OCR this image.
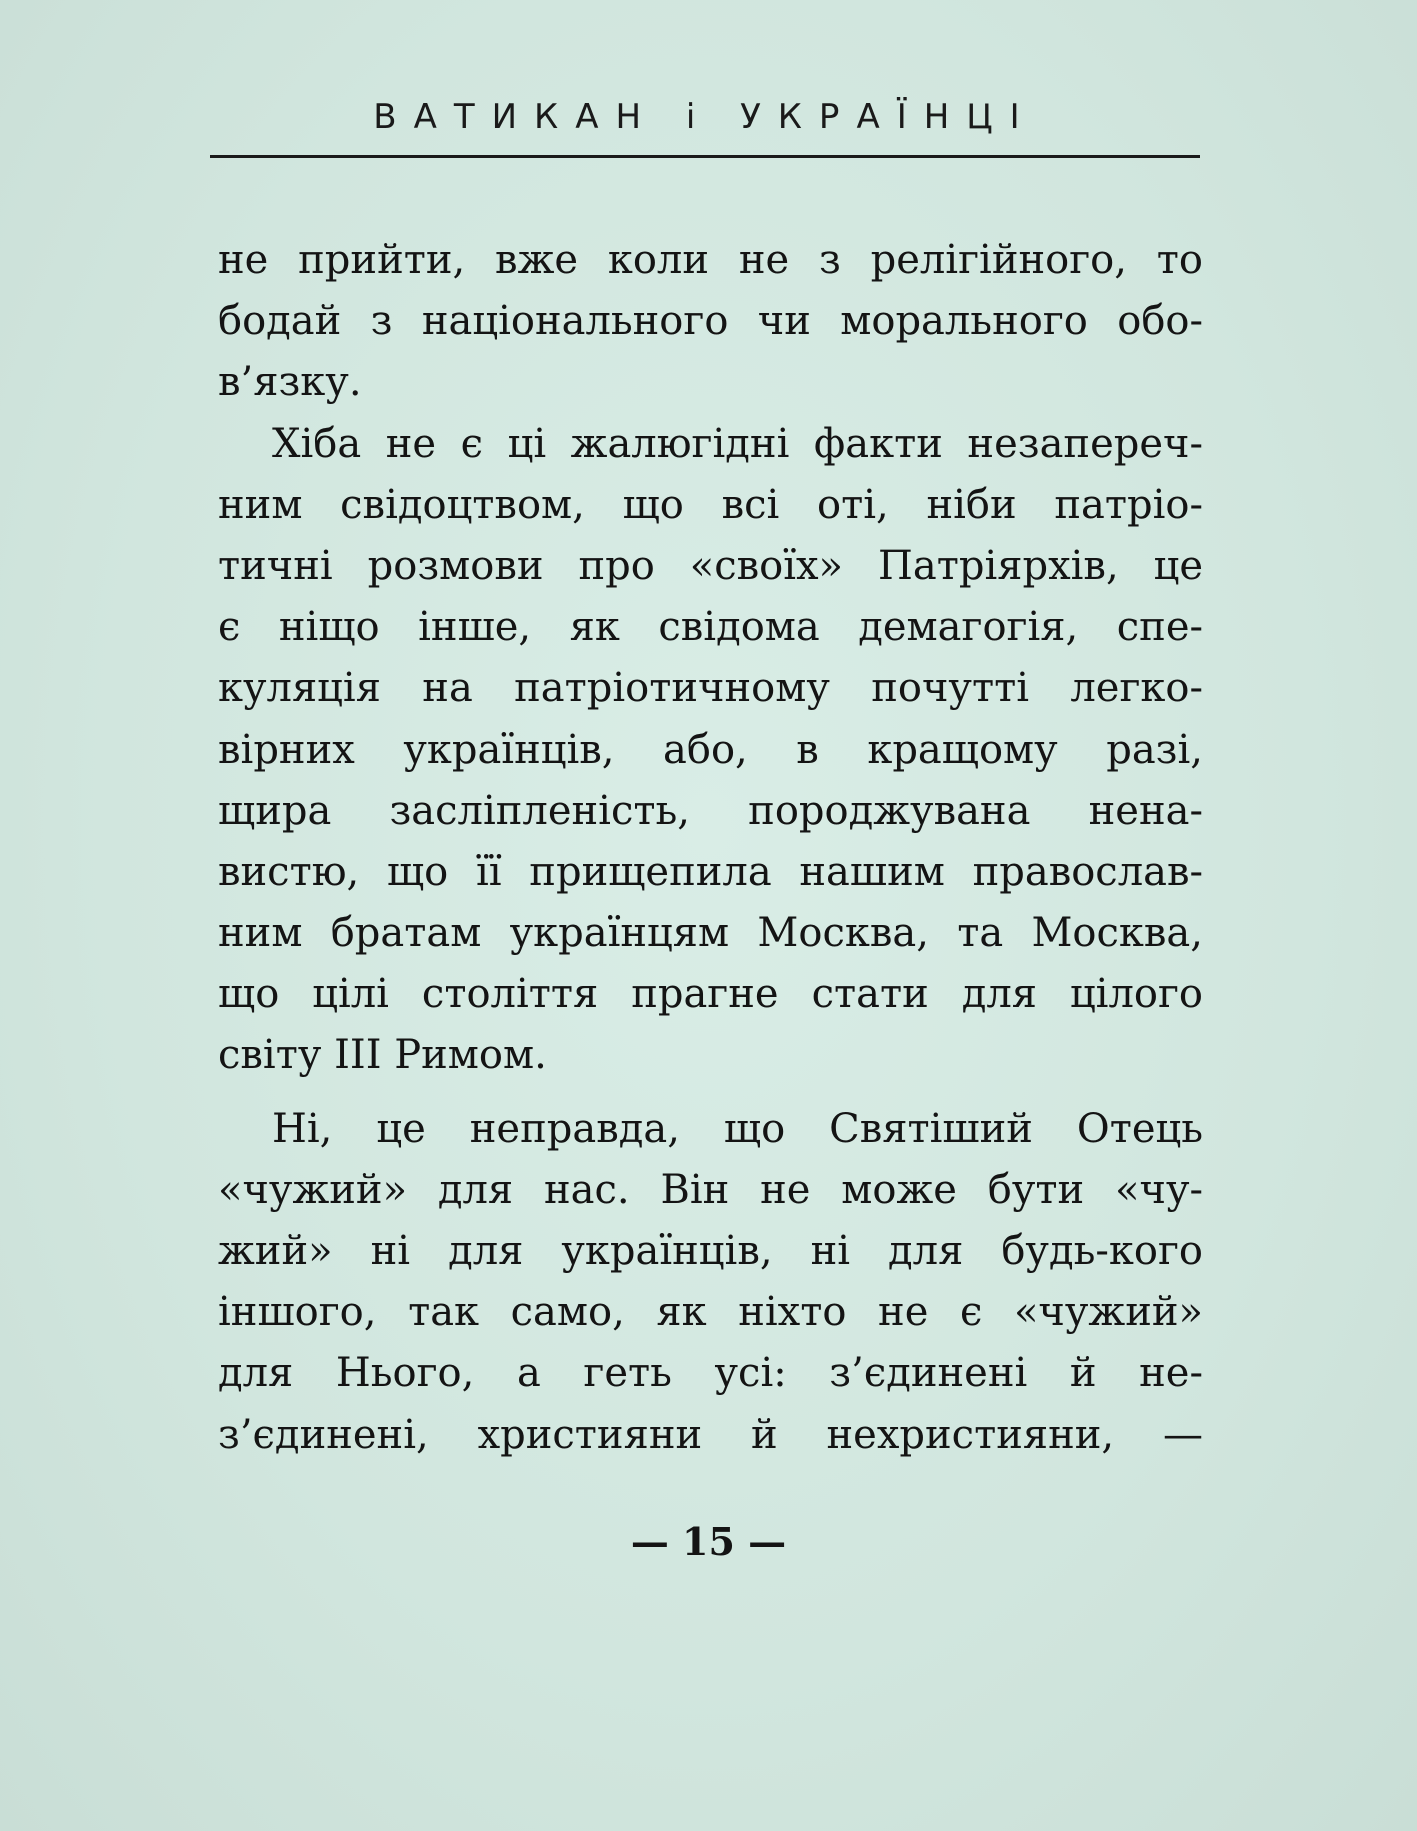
ВАТИКАН і УКРАЇНЦІ
не прийти, вже коли не з релігійного, то
бодай з національного чи морального обо-
в’язку.
Хіба не є ці жалюгідні факти незапереч-
ним свідоцтвом, що всі оті, ніби патріо-
тичні розмови про «своїх» Патріярхів, це
є ніщо інше, як свідома демагогія, спе-
куляція на патріотичному почутті легко-
вірних українців, або, в кращому разі,
щира засліпленість, породжувана нена-
вистю, що її прищепила нашим православ-
ним братам українцям Москва, та Москва,
що цілі століття прагне стати для цілого
світу III Римом.
Ні, це неправда, що Святіший Отець
«чужий» для нас. Він не може бути «чу-
жий» ні для українців, ні для будь-кого
іншого, так само, як ніхто не є «чужий»
для Нього, а геть усі: з’єдинені й не-
з’єдинені, християни й нехристияни, —
— 15 —
